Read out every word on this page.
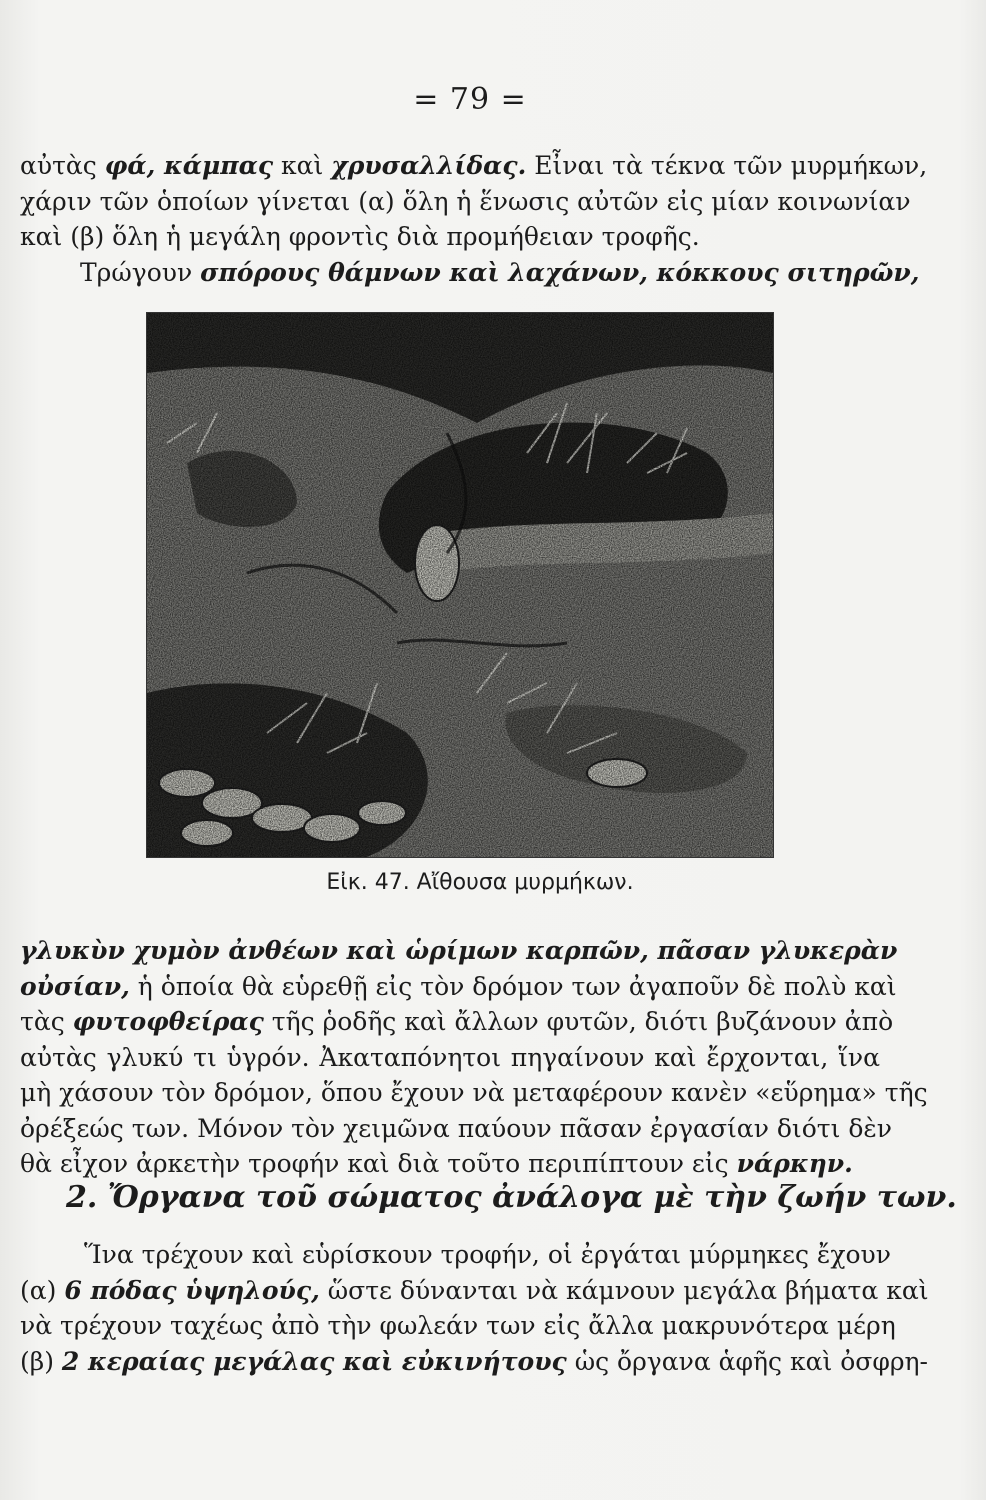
= 79 =
αὐτὰς φά, κάμπας καὶ χρυσαλλίδας. Εἶναι τὰ τέκνα τῶν μυρμήκων,
χάριν τῶν ὁποίων γίνεται (α) ὅλη ἡ ἕνωσις αὐτῶν εἰς μίαν κοινωνίαν
καὶ (β) ὅλη ἡ μεγάλη φροντὶς διὰ προμήθειαν τροφῆς.
Τρώγουν σπόρους θάμνων καὶ λαχάνων, κόκκους σιτηρῶν,
Εἰκ. 47. Αἴθουσα μυρμήκων.
γλυκὺν χυμὸν ἀνθέων καὶ ὡρίμων καρπῶν, πᾶσαν γλυκερὰν
οὐσίαν, ἡ ὁποία θὰ εὑρεθῇ εἰς τὸν δρόμον των ἀγαποῦν δὲ πολὺ καὶ
τὰς φυτοφθείρας τῆς ῥοδῆς καὶ ἄλλων φυτῶν, διότι βυζάνουν ἀπὸ
αὐτὰς γλυκύ τι ὑγρόν. Ἀκαταπόνητοι πηγαίνουν καὶ ἔρχονται, ἵνα
μὴ χάσουν τὸν δρόμον, ὅπου ἔχουν νὰ μεταφέρουν κανὲν «εὕρημα» τῆς
ὀρέξεώς των. Μόνον τὸν χειμῶνα παύουν πᾶσαν ἐργασίαν διότι δὲν
θὰ εἶχον ἀρκετὴν τροφήν καὶ διὰ τοῦτο περιπίπτουν εἰς νάρκην.
2. Ὄργανα τοῦ σώματος ἀνάλογα μὲ τὴν ζωήν των.
Ἵνα τρέχουν καὶ εὑρίσκουν τροφήν, οἱ ἐργάται μύρμηκες ἔχουν
(α) 6 πόδας ὑψηλούς, ὥστε δύνανται νὰ κάμνουν μεγάλα βήματα καὶ
νὰ τρέχουν ταχέως ἀπὸ τὴν φωλεάν των εἰς ἄλλα μακρυνότερα μέρη
(β) 2 κεραίας μεγάλας καὶ εὐκινήτους ὡς ὄργανα ἁφῆς καὶ ὀσφρη-
